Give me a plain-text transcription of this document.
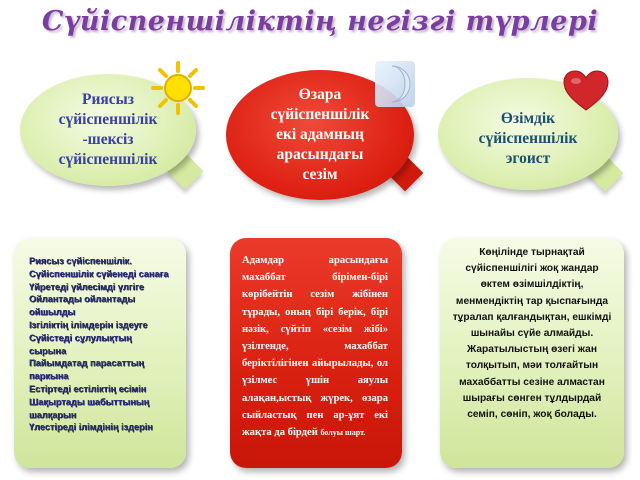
Сүйіспеншіліктің негізгі түрлері
Риясыз
сүйіспеншілік
-шексіз
сүйіспеншілік
Өзара
сүйіспеншілік
екі адамның
арасындағы
сезім
Өзімдік
сүйіспеншілік
эгоист
Риясыз сүйіспеншілік.
Сүйіспеншілік сүйенеді санаға
Үйретеді үйлесімді үлгіге
Ойлантады ойлантады
ойшылды
Ізгіліктің ілімдерін іздеуге
Сүйістеді сұлулықтың
сырына
Пайымдатад парасаттың
паркына
Естіртеді естіліктің есімін
Шақыртады шабыттының
шалқарын
Үлестіреді ілімдінің іздерін
Адамдар арасындағы махаббат бірімен-бірі көрібейтін сезім жібінен тұрады, оның бірі берік, бірі нәзік, сүйтіп «сезім жібі» үзілгенде, махаббат беріктілігінен айырылады, ол үзілмес үшін аяулы алақан,ыстық жүрек, өзара сыйластық пен ар-ұят екі жақта да бірдей болуы шарт.
Көңілінде тырнақтай сүйіспеншілігі жоқ жандар өктем өзімшілдіктің, менмендіктің тар қыспағында тұралап қалғандықтан, ешкімді шынайы сүйе алмайды. Жаратылыстың өзегі жан толқытып, мәи толғайтын махаббатты сезіне алмастан шырағы сөнген тұлдырдай семіп, сөніп, жоқ болады.
